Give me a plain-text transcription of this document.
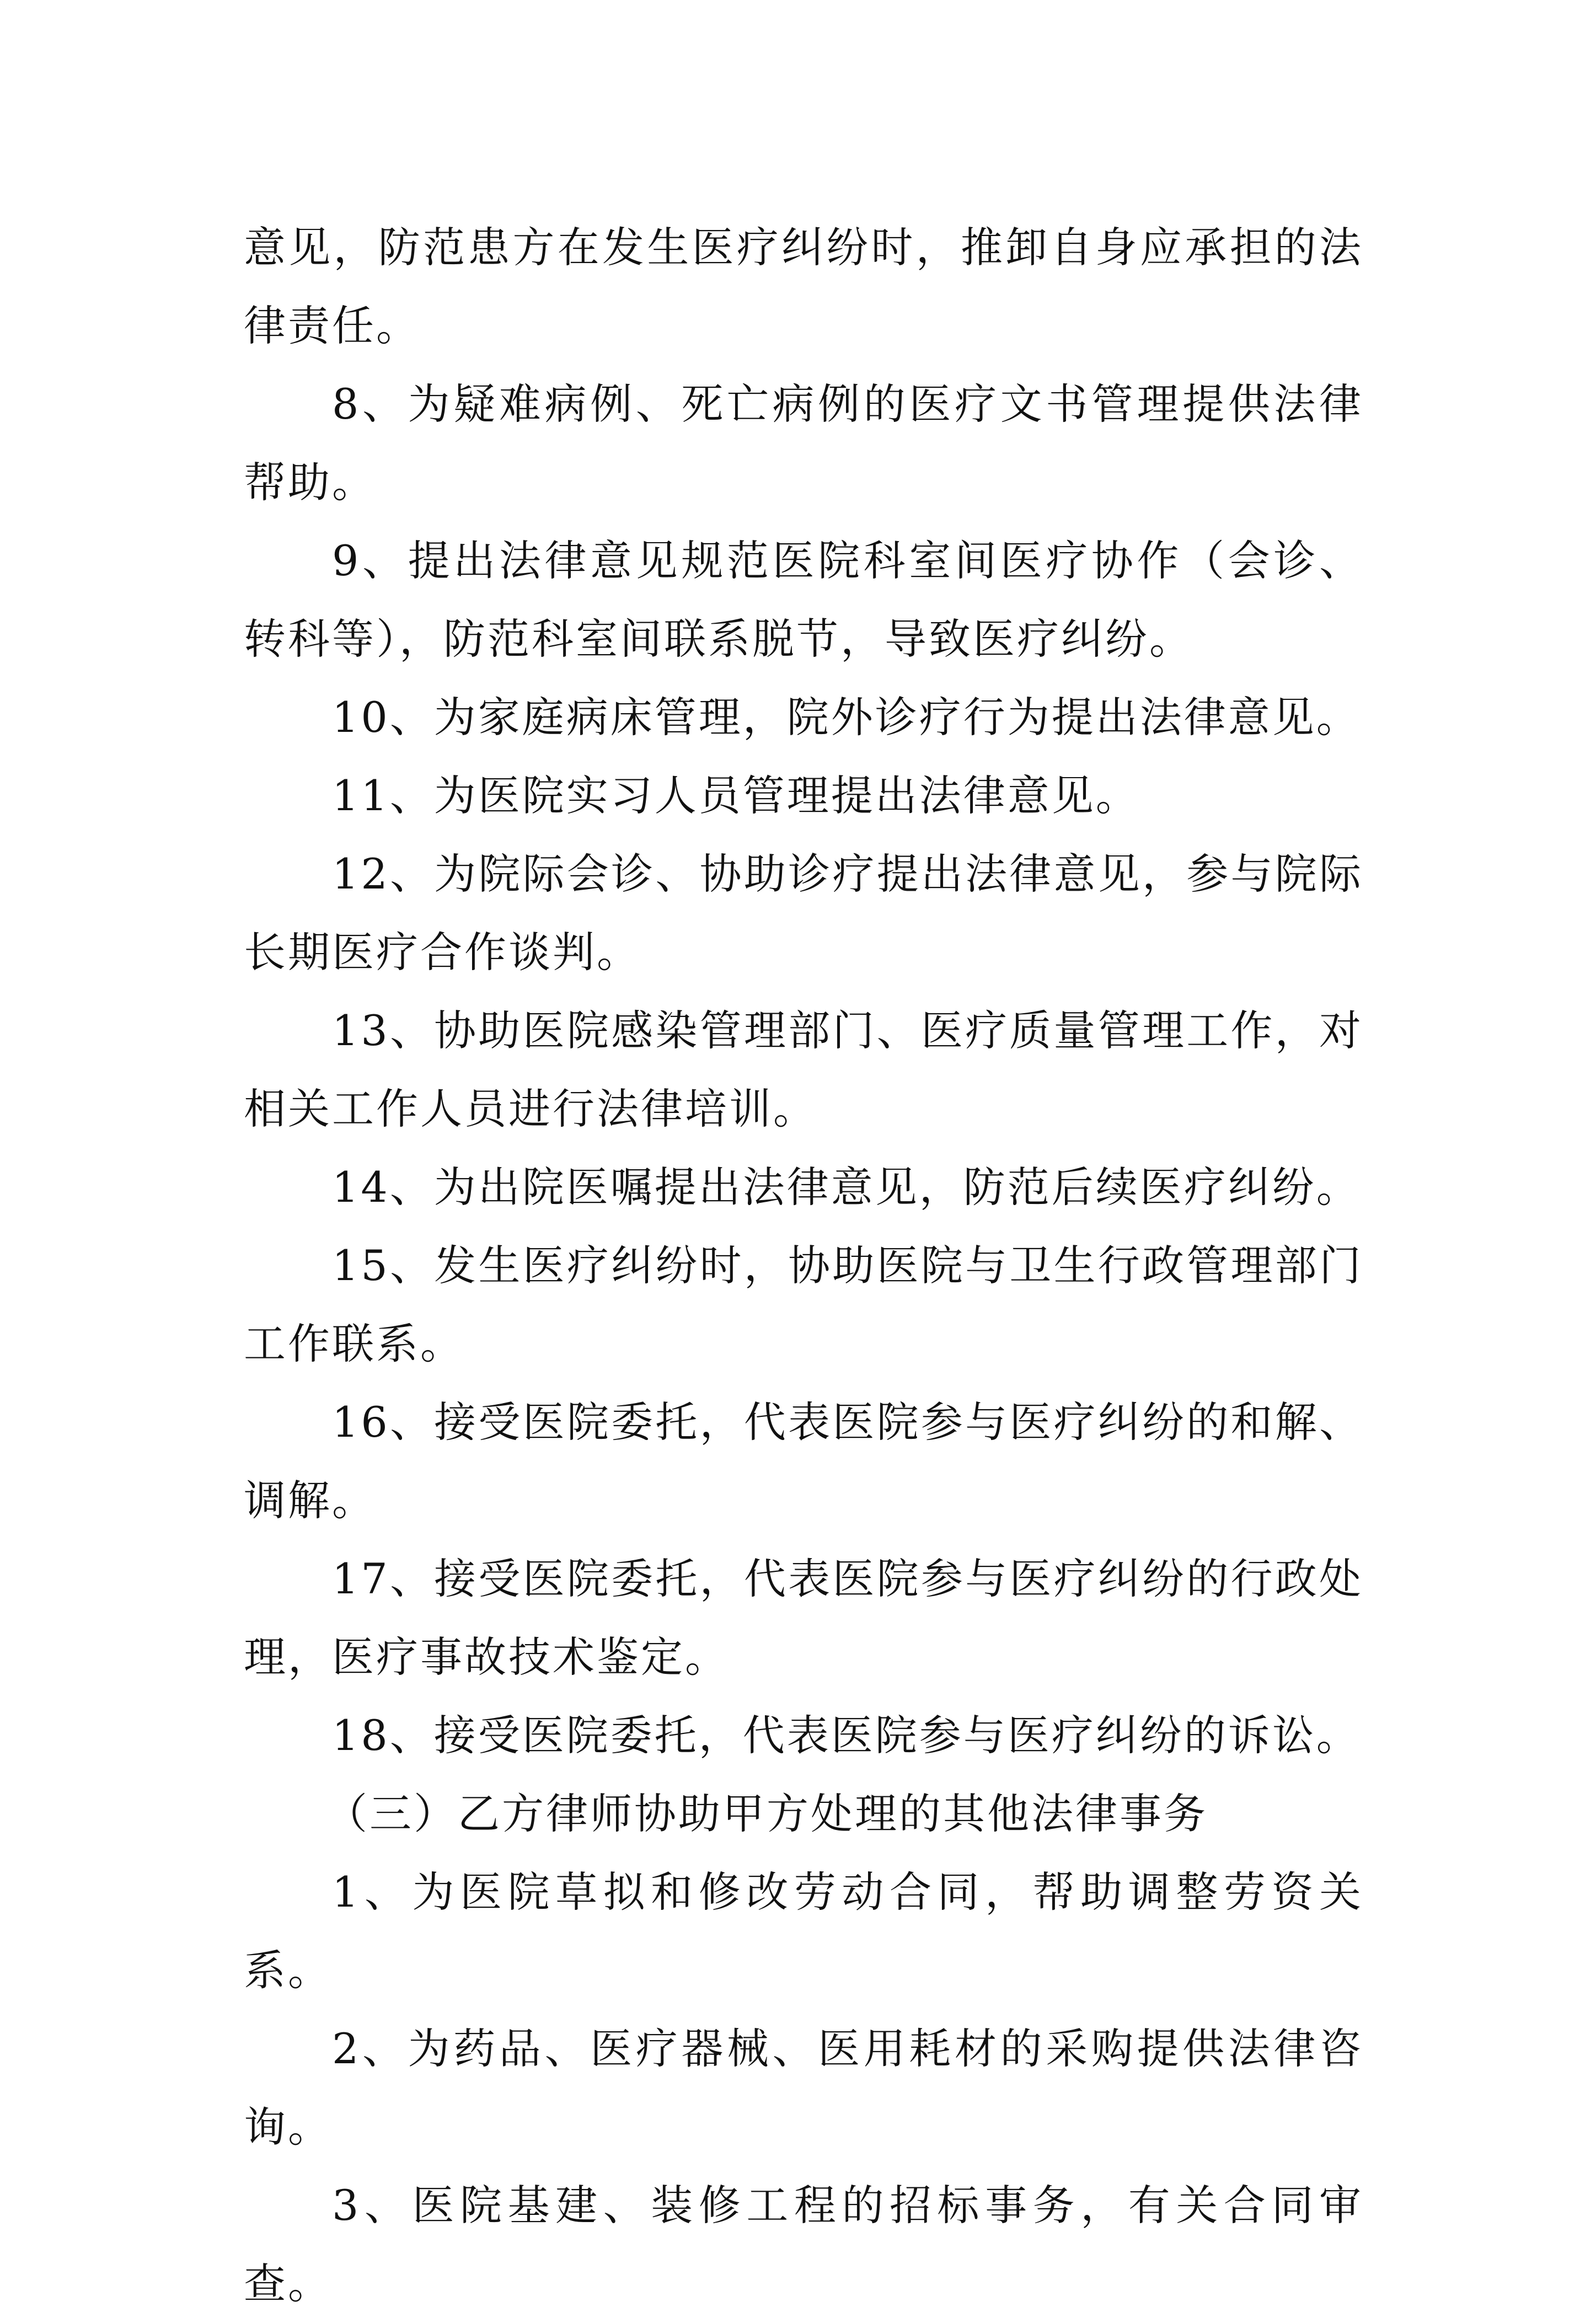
意见，防范患方在发生医疗纠纷时，推卸自身应承担的法律责任。

8、为疑难病例、死亡病例的医疗文书管理提供法律帮助。

9、提出法律意见规范医院科室间医疗协作（会诊、转科等），防范科室间联系脱节，导致医疗纠纷。

10、为家庭病床管理，院外诊疗行为提出法律意见。

11、为医院实习人员管理提出法律意见。

12、为院际会诊、协助诊疗提出法律意见，参与院际长期医疗合作谈判。

13、协助医院感染管理部门、医疗质量管理工作，对相关工作人员进行法律培训。

14、为出院医嘱提出法律意见，防范后续医疗纠纷。

15、发生医疗纠纷时，协助医院与卫生行政管理部门工作联系。

16、接受医院委托，代表医院参与医疗纠纷的和解、调解。

17、接受医院委托，代表医院参与医疗纠纷的行政处理，医疗事故技术鉴定。

18、接受医院委托，代表医院参与医疗纠纷的诉讼。

（三）乙方律师协助甲方处理的其他法律事务

1、为医院草拟和修改劳动合同，帮助调整劳资关系。

2、为药品、医疗器械、医用耗材的采购提供法律咨询。

3、医院基建、装修工程的招标事务，有关合同审查。
